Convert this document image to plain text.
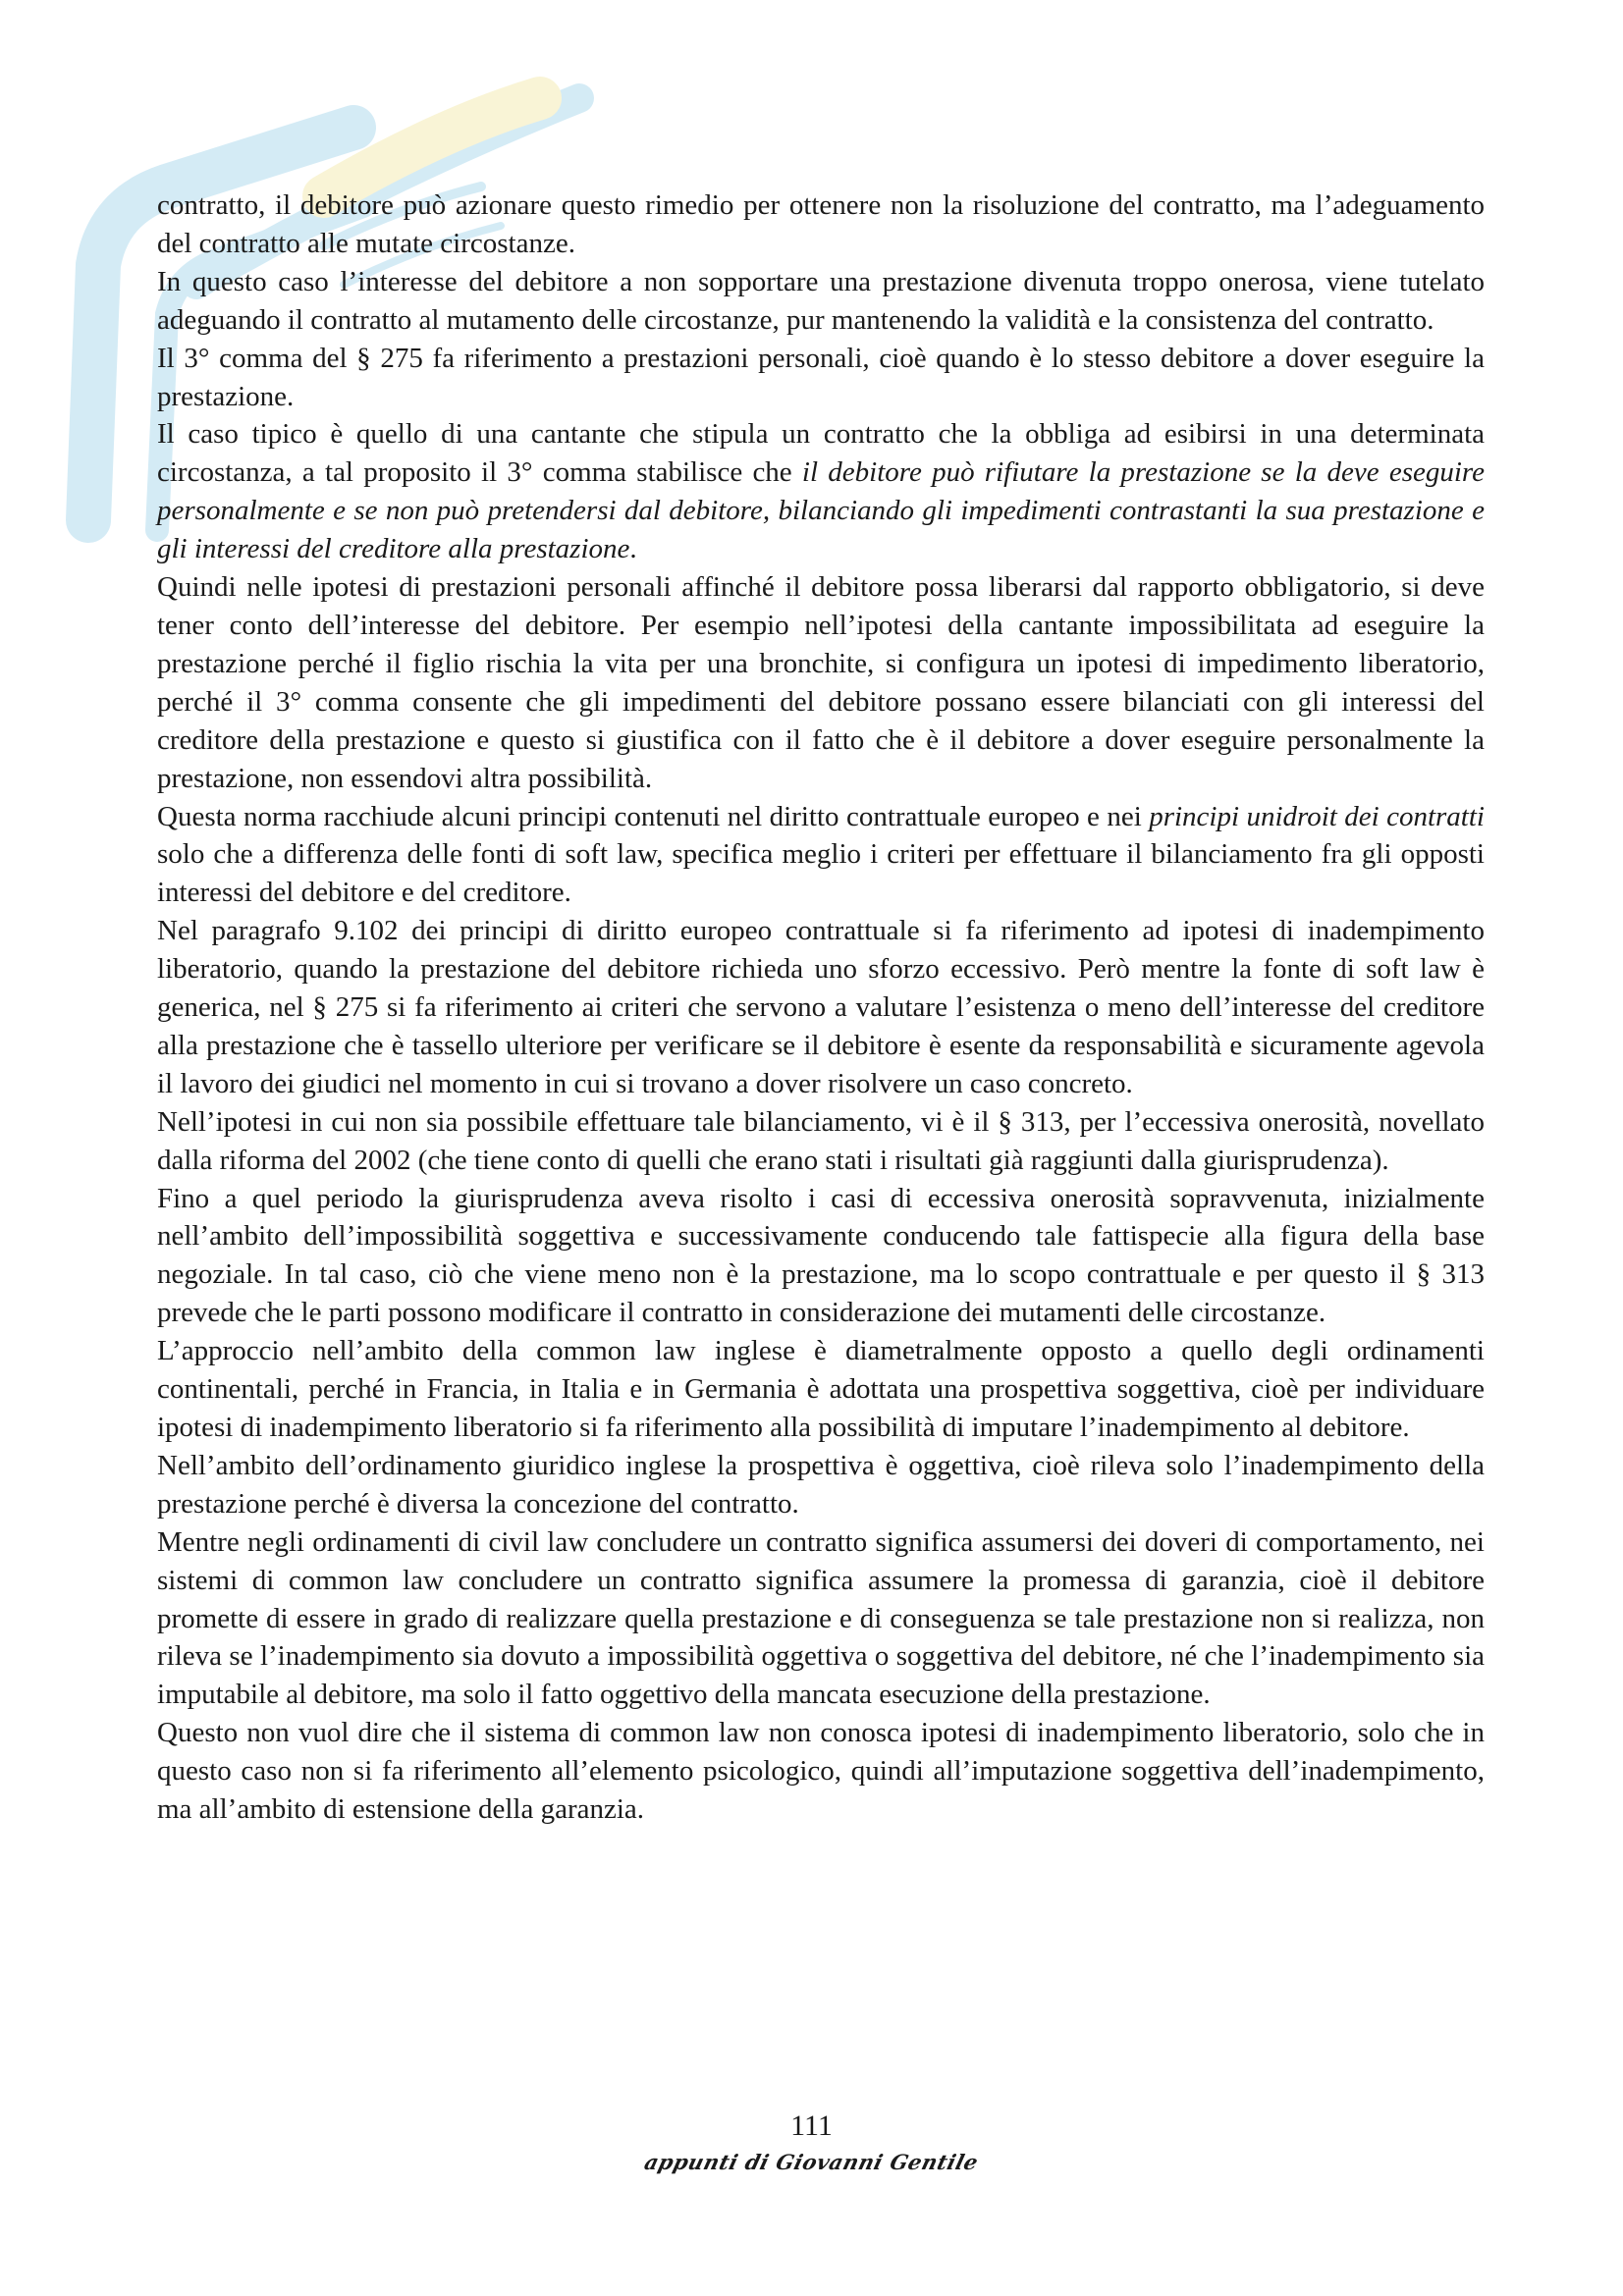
contratto, il debitore può azionare questo rimedio per ottenere non la risoluzione del contratto, ma l’adeguamento del contratto alle mutate circostanze.

In questo caso l’interesse del debitore a non sopportare una prestazione divenuta troppo onerosa, viene tutelato adeguando il contratto al mutamento delle circostanze, pur mantenendo la validità e la consistenza del contratto.

Il 3° comma del § 275 fa riferimento a prestazioni personali, cioè quando è lo stesso debitore a dover eseguire la prestazione.

Il caso tipico è quello di una cantante che stipula un contratto che la obbliga ad esibirsi in una determinata circostanza, a tal proposito il 3° comma stabilisce che il debitore può rifiutare la prestazione se la deve eseguire personalmente e se non può pretendersi dal debitore, bilanciando gli impedimenti contrastanti la sua prestazione e gli interessi del creditore alla prestazione.

Quindi nelle ipotesi di prestazioni personali affinché il debitore possa liberarsi dal rapporto obbligatorio, si deve tener conto dell’interesse del debitore. Per esempio nell’ipotesi della cantante impossibilitata ad eseguire la prestazione perché il figlio rischia la vita per una bronchite, si configura un ipotesi di impedimento liberatorio, perché il 3° comma consente che gli impedimenti del debitore possano essere bilanciati con gli interessi del creditore della prestazione e questo si giustifica con il fatto che è il debitore a dover eseguire personalmente la prestazione, non essendovi altra possibilità.

Questa norma racchiude alcuni principi contenuti nel diritto contrattuale europeo e nei principi unidroit dei contratti solo che a differenza delle fonti di soft law, specifica meglio i criteri per effettuare il bilanciamento fra gli opposti interessi del debitore e del creditore.

Nel paragrafo 9.102 dei principi di diritto europeo contrattuale si fa riferimento ad ipotesi di inadempimento liberatorio, quando la prestazione del debitore richieda uno sforzo eccessivo. Però mentre la fonte di soft law è generica, nel § 275 si fa riferimento ai criteri che servono a valutare l’esistenza o meno dell’interesse del creditore alla prestazione che è tassello ulteriore per verificare se il debitore è esente da responsabilità e sicuramente agevola il lavoro dei giudici nel momento in cui si trovano a dover risolvere un caso concreto.

Nell’ipotesi in cui non sia possibile effettuare tale bilanciamento, vi è il § 313, per l’eccessiva onerosità, novellato dalla riforma del 2002 (che tiene conto di quelli che erano stati i risultati già raggiunti dalla giurisprudenza).

Fino a quel periodo la giurisprudenza aveva risolto i casi di eccessiva onerosità sopravvenuta, inizialmente nell’ambito dell’impossibilità soggettiva e successivamente conducendo tale fattispecie alla figura della base negoziale. In tal caso, ciò che viene meno non è la prestazione, ma lo scopo contrattuale e per questo il § 313 prevede che le parti possono modificare il contratto in considerazione dei mutamenti delle circostanze.

L’approccio nell’ambito della common law inglese è diametralmente opposto a quello degli ordinamenti continentali, perché in Francia, in Italia e in Germania è adottata una prospettiva soggettiva, cioè per individuare ipotesi di inadempimento liberatorio si fa riferimento alla possibilità di imputare l’inadempimento al debitore.

Nell’ambito dell’ordinamento giuridico inglese la prospettiva è oggettiva, cioè rileva solo l’inadempimento della prestazione perché è diversa la concezione del contratto.

Mentre negli ordinamenti di civil law concludere un contratto significa assumersi dei doveri di comportamento, nei sistemi di common law concludere un contratto significa assumere la promessa di garanzia, cioè il debitore promette di essere in grado di realizzare quella prestazione e di conseguenza se tale prestazione non si realizza, non rileva se l’inadempimento sia dovuto a impossibilità oggettiva o soggettiva del debitore, né che l’inadempimento sia imputabile al debitore, ma solo il fatto oggettivo della mancata esecuzione della prestazione.

Questo non vuol dire che il sistema di common law non conosca ipotesi di inadempimento liberatorio, solo che in questo caso non si fa riferimento all’elemento psicologico, quindi all’imputazione soggettiva dell’inadempimento, ma all’ambito di estensione della garanzia.

111
appunti di Giovanni Gentile
